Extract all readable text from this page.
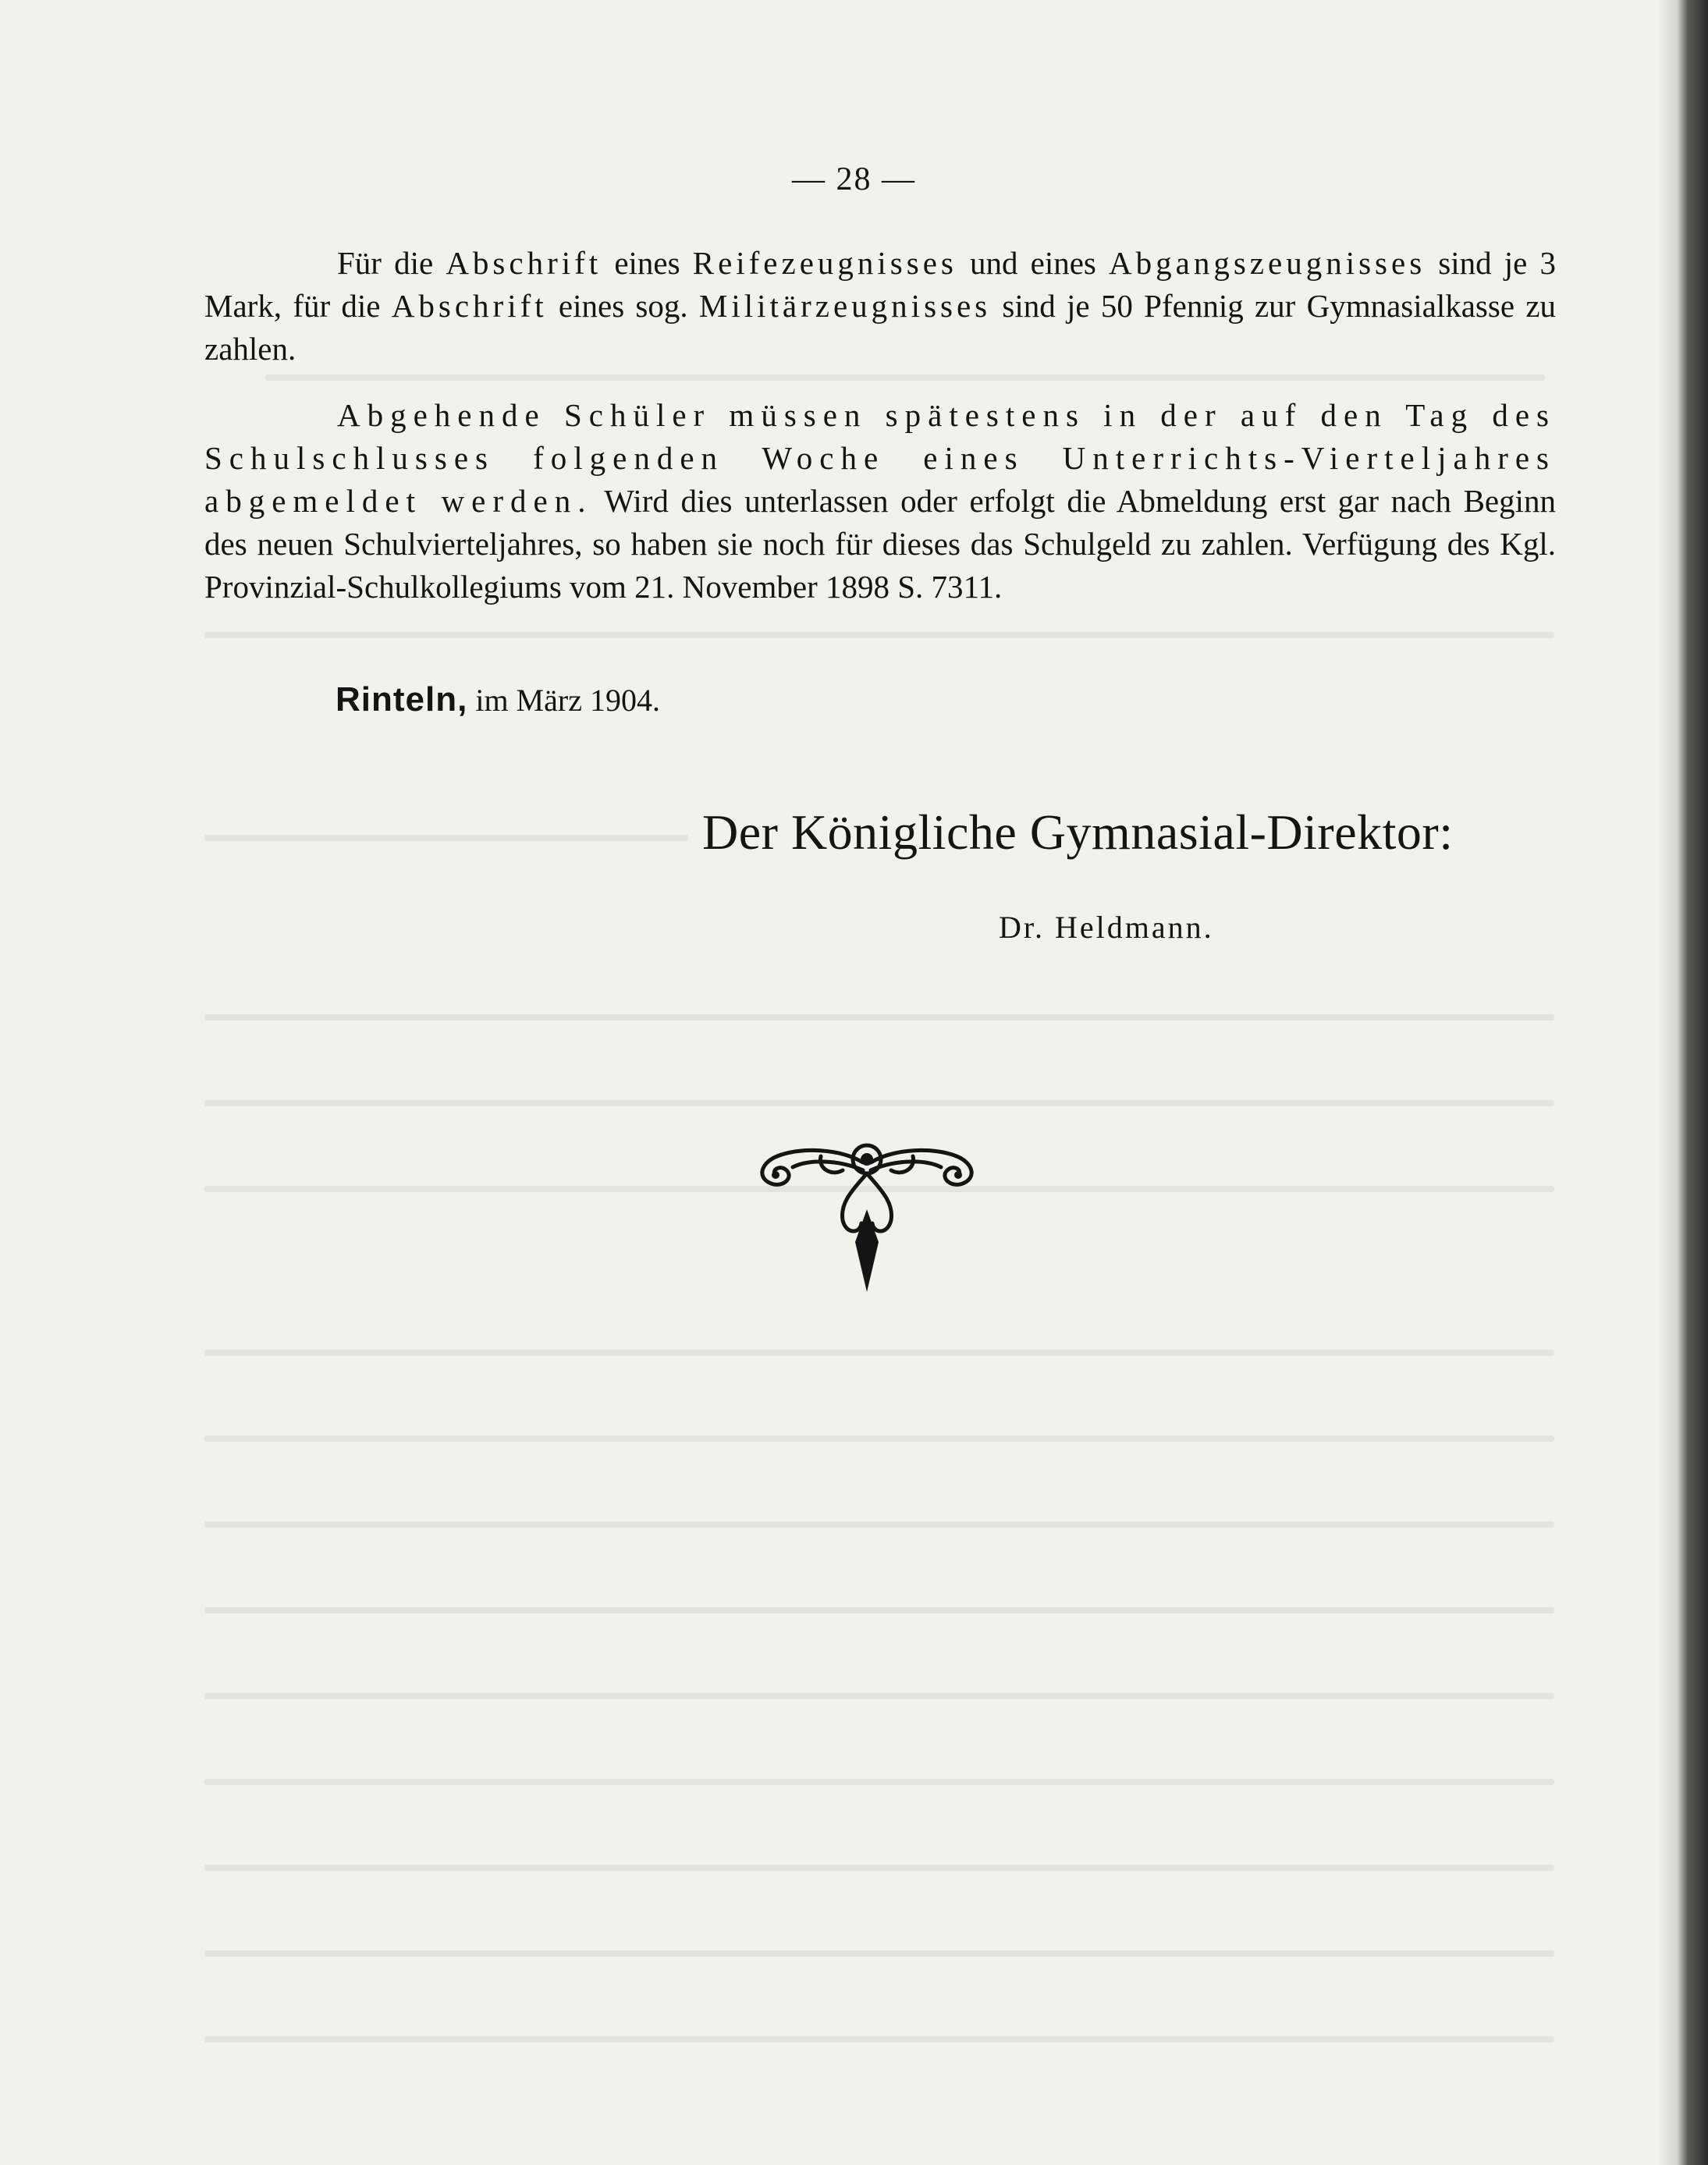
— 28 —

Für die Abschrift eines Reifezeugnisses und eines Abgangszeugnisses sind je 3 Mark, für die Abschrift eines sog. Militärzeugnisses sind je 50 Pfennig zur Gymnasialkasse zu zahlen.

Abgehende Schüler müssen spätestens in der auf den Tag des Schulschlusses folgenden Woche eines Unterrichts-Vierteljahres abgemeldet werden. Wird dies unterlassen oder erfolgt die Abmeldung erst gar nach Beginn des neuen Schulvierteljahres, so haben sie noch für dieses das Schulgeld zu zahlen. Verfügung des Kgl. Provinzial-Schulkollegiums vom 21. November 1898 S. 7311.

Rinteln, im März 1904.
Der Königliche Gymnasial-Direktor:
Dr. Heldmann.
